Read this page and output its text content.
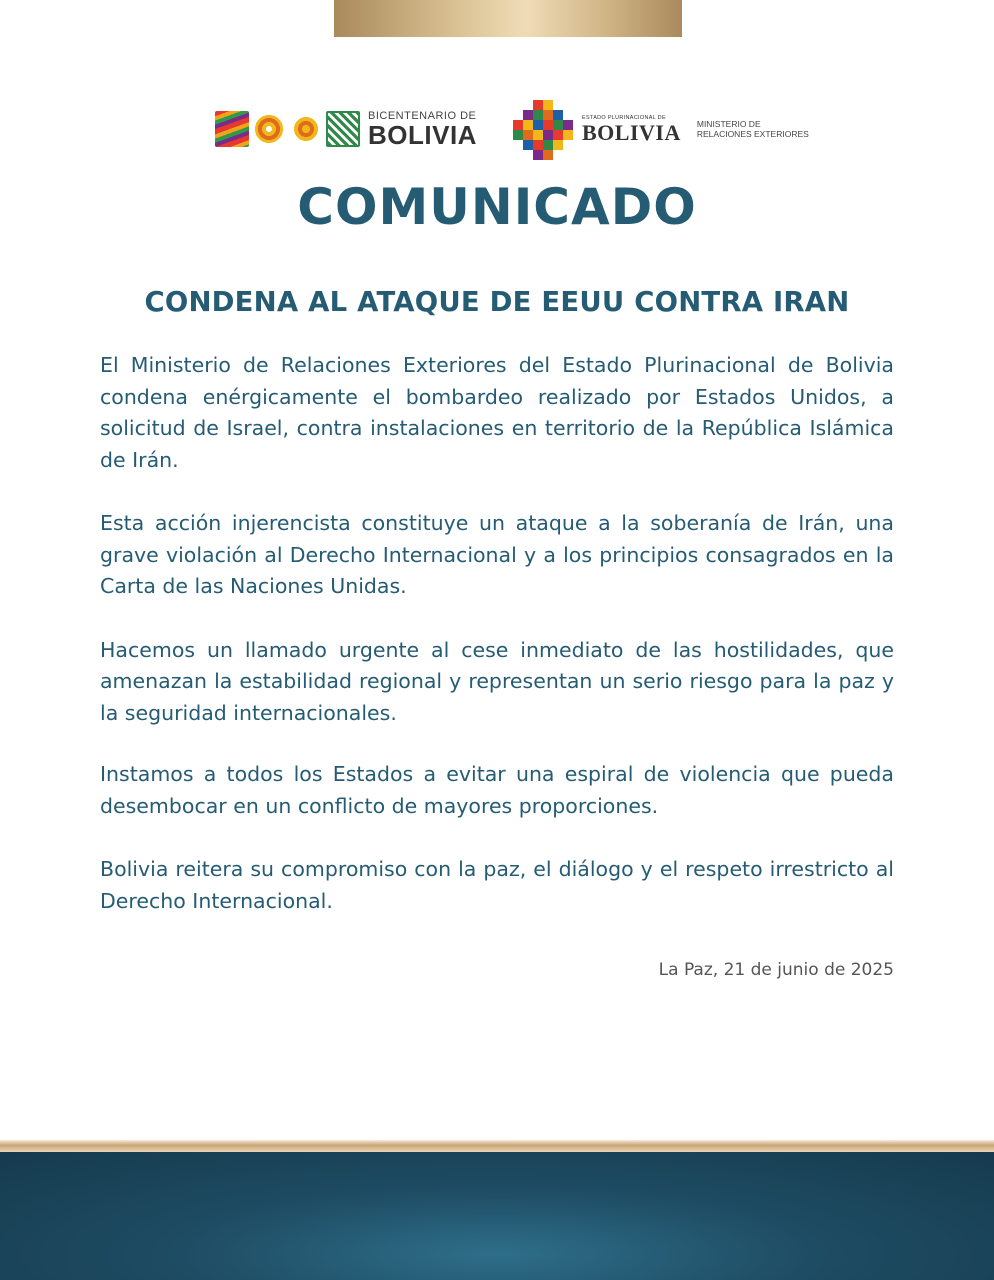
BICENTENARIO DE
BOLIVIA
ESTADO PLURINACIONAL DE
BOLIVIA MINISTERIO DE
RELACIONES EXTERIORES
COMUNICADO
CONDENA AL ATAQUE DE EEUU CONTRA IRAN

El Ministerio de Relaciones Exteriores del Estado Plurinacional de Bolivia condena enérgicamente el bombardeo realizado por Estados Unidos, a solicitud de Israel, contra instalaciones en territorio de la República Islámica de Irán.

Esta acción injerencista constituye un ataque a la soberanía de Irán, una grave violación al Derecho Internacional y a los principios consagrados en la Carta de las Naciones Unidas.

Hacemos un llamado urgente al cese inmediato de las hostilidades, que amenazan la estabilidad regional y representan un serio riesgo para la paz y la seguridad internacionales.

Instamos a todos los Estados a evitar una espiral de violencia que pueda desembocar en un conflicto de mayores proporciones.

Bolivia reitera su compromiso con la paz, el diálogo y el respeto irrestricto al Derecho Internacional.

La Paz, 21 de junio de 2025
